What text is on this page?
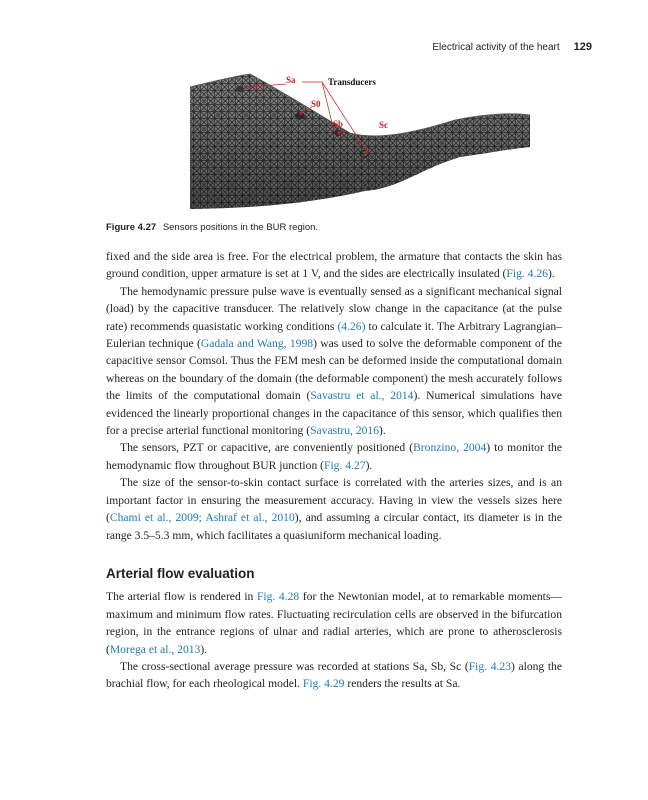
Electrical activity of the heart 129
Sa	Transducers
S0
Sb	Sc
Figure 4.27 Sensors positions in the BUR region.

fixed and the side area is free. For the electrical problem, the armature that contacts the skin has ground condition, upper armature is set at 1 V, and the sides are electrically insulated (Fig. 4.26).

The hemodynamic pressure pulse wave is eventually sensed as a significant mechanical signal (load) by the capacitive transducer. The relatively slow change in the capacitance (at the pulse rate) recommends quasistatic working conditions (4.26) to calculate it. The Arbitrary Lagrangian–Eulerian technique (Gadala and Wang, 1998) was used to solve the deformable component of the capacitive sensor Comsol. Thus the FEM mesh can be deformed inside the computational domain whereas on the boundary of the domain (the deformable component) the mesh accurately follows the limits of the computational domain (Savastru et al., 2014). Numerical simulations have evidenced the linearly proportional changes in the capacitance of this sensor, which qualifies then for a precise arterial functional monitoring (Savastru, 2016).

The sensors, PZT or capacitive, are conveniently positioned (Bronzino, 2004) to monitor the hemodynamic flow throughout BUR junction (Fig. 4.27).

The size of the sensor-to-skin contact surface is correlated with the arteries sizes, and is an important factor in ensuring the measurement accuracy. Having in view the vessels sizes here (Chami et al., 2009; Ashraf et al., 2010), and assuming a circular contact, its diameter is in the range 3.5–5.3 mm, which facilitates a quasiuniform mechanical loading.

Arterial flow evaluation

The arterial flow is rendered in Fig. 4.28 for the Newtonian model, at to remarkable moments—maximum and minimum flow rates. Fluctuating recirculation cells are observed in the bifurcation region, in the entrance regions of ulnar and radial arteries, which are prone to atherosclerosis (Morega et al., 2013).

The cross-sectional average pressure was recorded at stations Sa, Sb, Sc (Fig. 4.23) along the brachial flow, for each rheological model. Fig. 4.29 renders the results at Sa.
